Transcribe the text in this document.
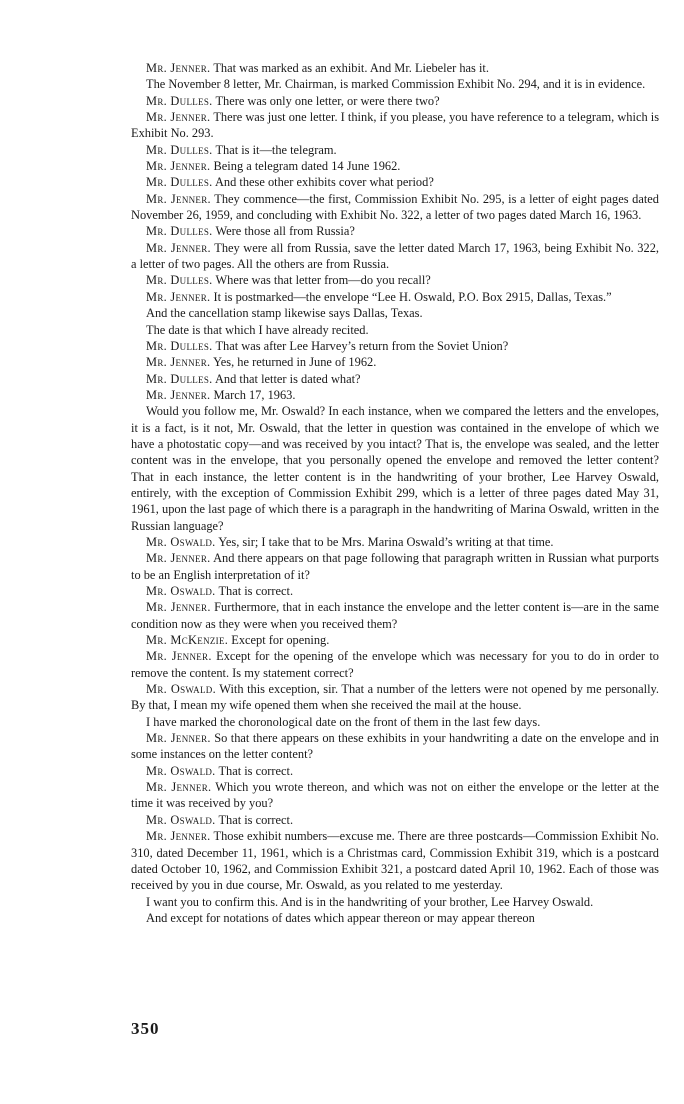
Mr. Jenner. That was marked as an exhibit. And Mr. Liebeler has it.

The November 8 letter, Mr. Chairman, is marked Commission Exhibit No. 294, and it is in evidence.

Mr. Dulles. There was only one letter, or were there two?

Mr. Jenner. There was just one letter. I think, if you please, you have reference to a telegram, which is Exhibit No. 293.

Mr. Dulles. That is it—the telegram.

Mr. Jenner. Being a telegram dated 14 June 1962.

Mr. Dulles. And these other exhibits cover what period?

Mr. Jenner. They commence—the first, Commission Exhibit No. 295, is a letter of eight pages dated November 26, 1959, and concluding with Exhibit No. 322, a letter of two pages dated March 16, 1963.

Mr. Dulles. Were those all from Russia?

Mr. Jenner. They were all from Russia, save the letter dated March 17, 1963, being Exhibit No. 322, a letter of two pages. All the others are from Russia.

Mr. Dulles. Where was that letter from—do you recall?

Mr. Jenner. It is postmarked—the envelope “Lee H. Oswald, P.O. Box 2915, Dallas, Texas.”

And the cancellation stamp likewise says Dallas, Texas.

The date is that which I have already recited.

Mr. Dulles. That was after Lee Harvey’s return from the Soviet Union?

Mr. Jenner. Yes, he returned in June of 1962.

Mr. Dulles. And that letter is dated what?

Mr. Jenner. March 17, 1963.

Would you follow me, Mr. Oswald? In each instance, when we compared the letters and the envelopes, it is a fact, is it not, Mr. Oswald, that the letter in question was contained in the envelope of which we have a photostatic copy—and was received by you intact? That is, the envelope was sealed, and the letter content was in the envelope, that you personally opened the envelope and removed the letter content? That in each instance, the letter content is in the handwriting of your brother, Lee Harvey Oswald, entirely, with the exception of Commission Exhibit 299, which is a letter of three pages dated May 31, 1961, upon the last page of which there is a paragraph in the handwriting of Marina Oswald, written in the Russian language?

Mr. Oswald. Yes, sir; I take that to be Mrs. Marina Oswald’s writing at that time.

Mr. Jenner. And there appears on that page following that paragraph written in Russian what purports to be an English interpretation of it?

Mr. Oswald. That is correct.

Mr. Jenner. Furthermore, that in each instance the envelope and the letter content is—are in the same condition now as they were when you received them?

Mr. McKenzie. Except for opening.

Mr. Jenner. Except for the opening of the envelope which was necessary for you to do in order to remove the content. Is my statement correct?

Mr. Oswald. With this exception, sir. That a number of the letters were not opened by me personally. By that, I mean my wife opened them when she received the mail at the house.

I have marked the choronological date on the front of them in the last few days.

Mr. Jenner. So that there appears on these exhibits in your handwriting a date on the envelope and in some instances on the letter content?

Mr. Oswald. That is correct.

Mr. Jenner. Which you wrote thereon, and which was not on either the envelope or the letter at the time it was received by you?

Mr. Oswald. That is correct.

Mr. Jenner. Those exhibit numbers—excuse me. There are three postcards—Commission Exhibit No. 310, dated December 11, 1961, which is a Christmas card, Commission Exhibit 319, which is a postcard dated October 10, 1962, and Commission Exhibit 321, a postcard dated April 10, 1962. Each of those was received by you in due course, Mr. Oswald, as you related to me yesterday.

I want you to confirm this. And is in the handwriting of your brother, Lee Harvey Oswald.

And except for notations of dates which appear thereon or may appear thereon

350
